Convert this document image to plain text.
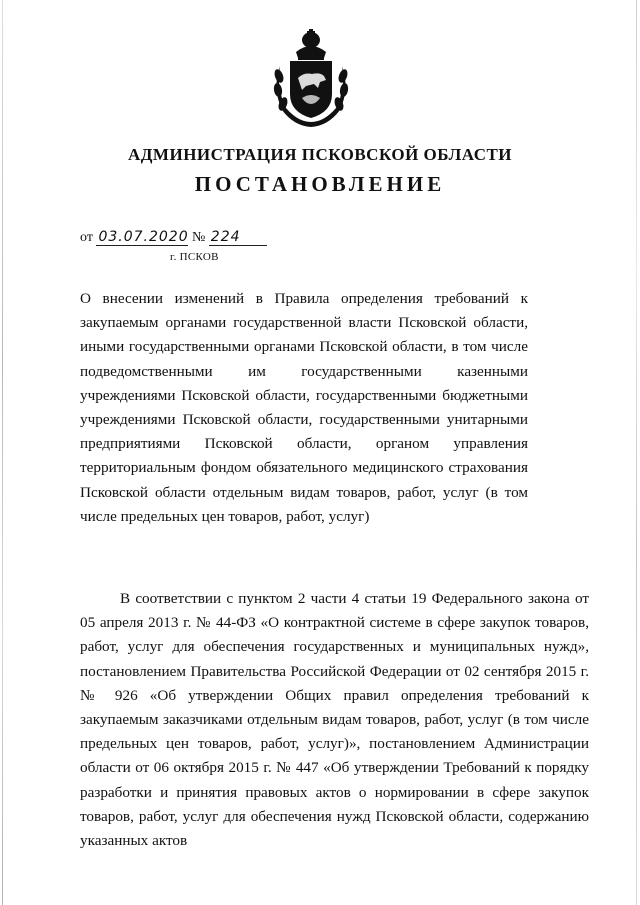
АДМИНИСТРАЦИЯ ПСКОВСКОЙ ОБЛАСТИ
ПОСТАНОВЛЕНИЕ
от 03.07.2020 № 224
г. ПСКОВ
О внесении изменений в Правила определения требований к закупаемым органами государственной власти Псковской области, иными государственными органами Псковской области, в том числе подведомственными им государственными казенными учреждениями Псковской области, государственными бюджетными учреждениями Псковской области, государственными унитарными предприятиями Псковской области, органом управления территориальным фондом обязательного медицинского страхования Псковской области отдельным видам товаров, работ, услуг (в том числе предельных цен товаров, работ, услуг)
В соответствии с пунктом 2 части 4 статьи 19 Федерального закона от 05 апреля 2013 г. № 44-ФЗ «О контрактной системе в сфере закупок товаров, работ, услуг для обеспечения государственных и муниципальных нужд», постановлением Правительства Российской Федерации от 02 сентября 2015 г. № 926 «Об утверждении Общих правил определения требований к закупаемым заказчиками отдельным видам товаров, работ, услуг (в том числе предельных цен товаров, работ, услуг)», постановлением Администрации области от 06 октября 2015 г. № 447 «Об утверждении Требований к порядку разработки и принятия правовых актов о нормировании в сфере закупок товаров, работ, услуг для обеспечения нужд Псковской области, содержанию указанных актов
